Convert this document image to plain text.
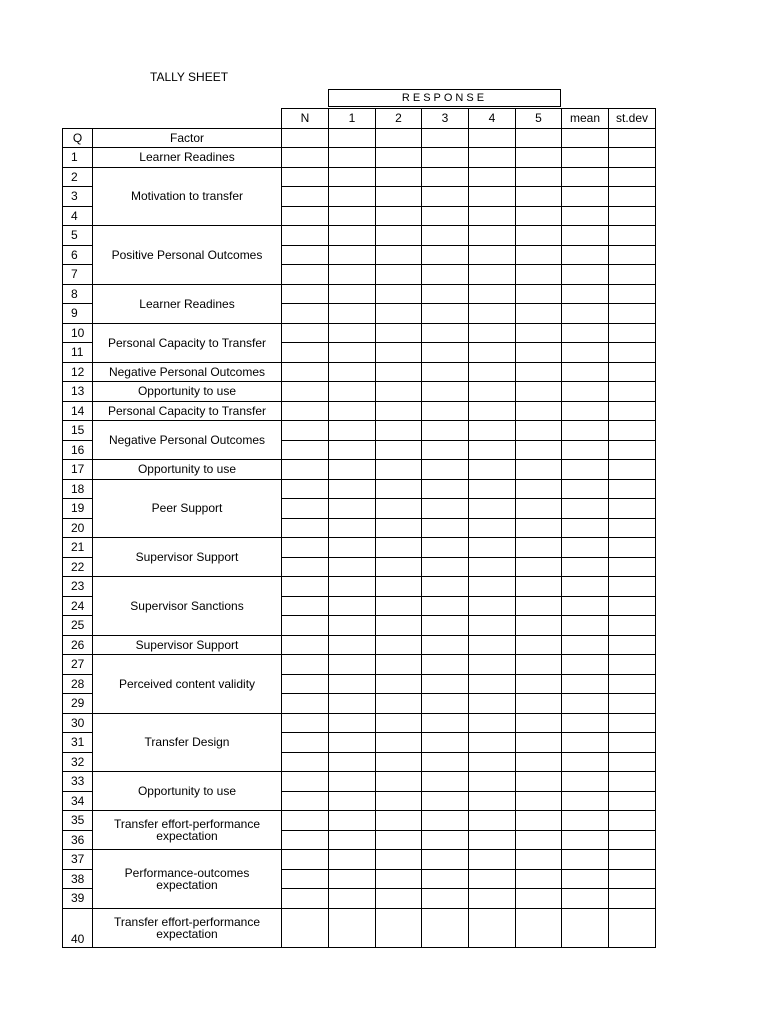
TALLY SHEET
RESPONSE
		N	1	2	3	4	5	mean	st.dev
Q	Factor								
1	Learner Readines								
2	Motivation to transfer								
3									
4									
5	Positive Personal Outcomes								
6									
7									
8	Learner Readines								
9									
10	Personal Capacity to Transfer								
11									
12	Negative Personal Outcomes								
13	Opportunity to use								
14	Personal Capacity to Transfer								
15	Negative Personal Outcomes								
16									
17	Opportunity to use								
18	Peer Support								
19									
20									
21	Supervisor Support								
22									
23	Supervisor Sanctions								
24									
25									
26	Supervisor Support								
27	Perceived content validity								
28									
29									
30	Transfer Design								
31									
32									
33	Opportunity to use								
34									
35	Transfer effort-performance expectation								
36									
37	Performance-outcomes expectation								
38									
39									
40	Transfer effort-performance expectation								
